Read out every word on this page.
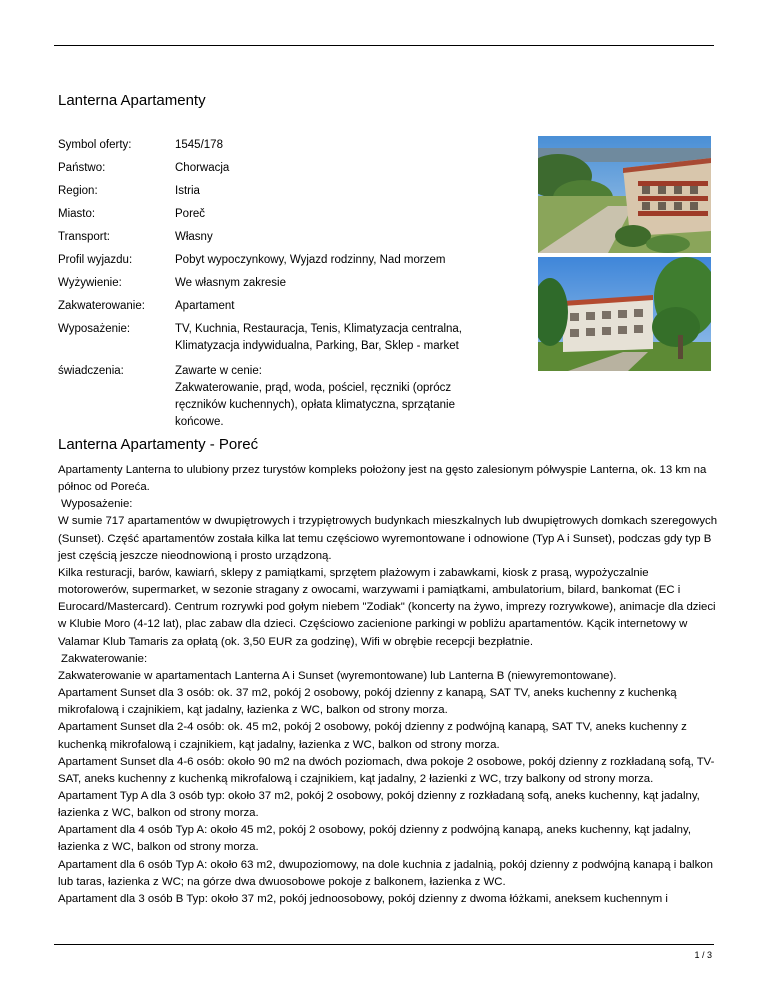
Lanterna Apartamenty
Symbol oferty:	1545/178
Państwo:	Chorwacja
Region:	Istria
Miasto:	Poreč
Transport:	Własny
Profil wyjazdu:	Pobyt wypoczynkowy, Wyjazd rodzinny, Nad morzem
Wyżywienie:	We własnym zakresie
Zakwaterowanie:	Apartament
Wyposażenie:	TV, Kuchnia, Restauracja, Tenis, Klimatyzacja centralna,
Klimatyzacja indywidualna, Parking, Bar, Sklep - market
świadczenia:	Zawarte w cenie:
Zakwaterowanie, prąd, woda, pościel, ręczniki (oprócz
ręczników kuchennych), opłata klimatyczna, sprzątanie
końcowe.
Lanterna Apartamenty - Poreć

Apartamenty Lanterna to ulubiony przez turystów kompleks położony jest na gęsto zalesionym półwyspie Lanterna, ok. 13 km na północ od Poreća.

Wyposażenie:

W sumie 717 apartamentów w dwupiętrowych i trzypiętrowych budynkach mieszkalnych lub dwupiętrowych domkach szeregowych (Sunset). Część apartamentów została kilka lat temu częściowo wyremontowane i odnowione (Typ A i Sunset), podczas gdy typ B jest częścią jeszcze nieodnowioną i prosto urządzoną.

Kilka resturacji, barów, kawiarń, sklepy z pamiątkami, sprzętem plażowym i zabawkami, kiosk z prasą, wypożyczalnie motorowerów, supermarket, w sezonie stragany z owocami, warzywami i pamiątkami, ambulatorium, bilard, bankomat (EC i Eurocard/Mastercard). Centrum rozrywki pod gołym niebem "Zodiak" (koncerty na żywo, imprezy rozrywkowe), animacje dla dzieci w Klubie Moro (4-12 lat), plac zabaw dla dzieci. Częściowo zacienione parkingi w pobliżu apartamentów. Kącik internetowy w Valamar Klub Tamaris za opłatą (ok. 3,50 EUR za godzinę), Wifi w obrębie recepcji bezpłatnie.

Zakwaterowanie:

Zakwaterowanie w apartamentach Lanterna A i Sunset (wyremontowane) lub Lanterna B (niewyremontowane).

Apartament Sunset dla 3 osób: ok. 37 m2, pokój 2 osobowy, pokój dzienny z kanapą, SAT TV, aneks kuchenny z kuchenką mikrofalową i czajnikiem, kąt jadalny, łazienka z WC, balkon od strony morza.

Apartament Sunset dla 2-4 osób: ok. 45 m2, pokój 2 osobowy, pokój dzienny z podwójną kanapą, SAT TV, aneks kuchenny z kuchenką mikrofalową i czajnikiem, kąt jadalny, łazienka z WC, balkon od strony morza.

Apartament Sunset dla 4-6 osób: około 90 m2 na dwóch poziomach, dwa pokoje 2 osobowe, pokój dzienny z rozkładaną sofą, TV-SAT, aneks kuchenny z kuchenką mikrofalową i czajnikiem, kąt jadalny, 2 łazienki z WC, trzy balkony od strony morza.

Apartament Typ A dla 3 osób typ: około 37 m2, pokój 2 osobowy, pokój dzienny z rozkładaną sofą, aneks kuchenny, kąt jadalny, łazienka z WC, balkon od strony morza.

Apartament dla 4 osób Typ A: około 45 m2, pokój 2 osobowy, pokój dzienny z podwójną kanapą, aneks kuchenny, kąt jadalny, łazienka z WC, balkon od strony morza.

Apartament dla 6 osób Typ A: około 63 m2, dwupoziomowy, na dole kuchnia z jadalnią, pokój dzienny z podwójną kanapą i balkon lub taras, łazienka z WC; na górze dwa dwuosobowe pokoje z balkonem, łazienka z WC.

Apartament dla 3 osób B Typ: około 37 m2, pokój jednoosobowy, pokój dzienny z dwoma łóżkami, aneksem kuchennym i

1 / 3
